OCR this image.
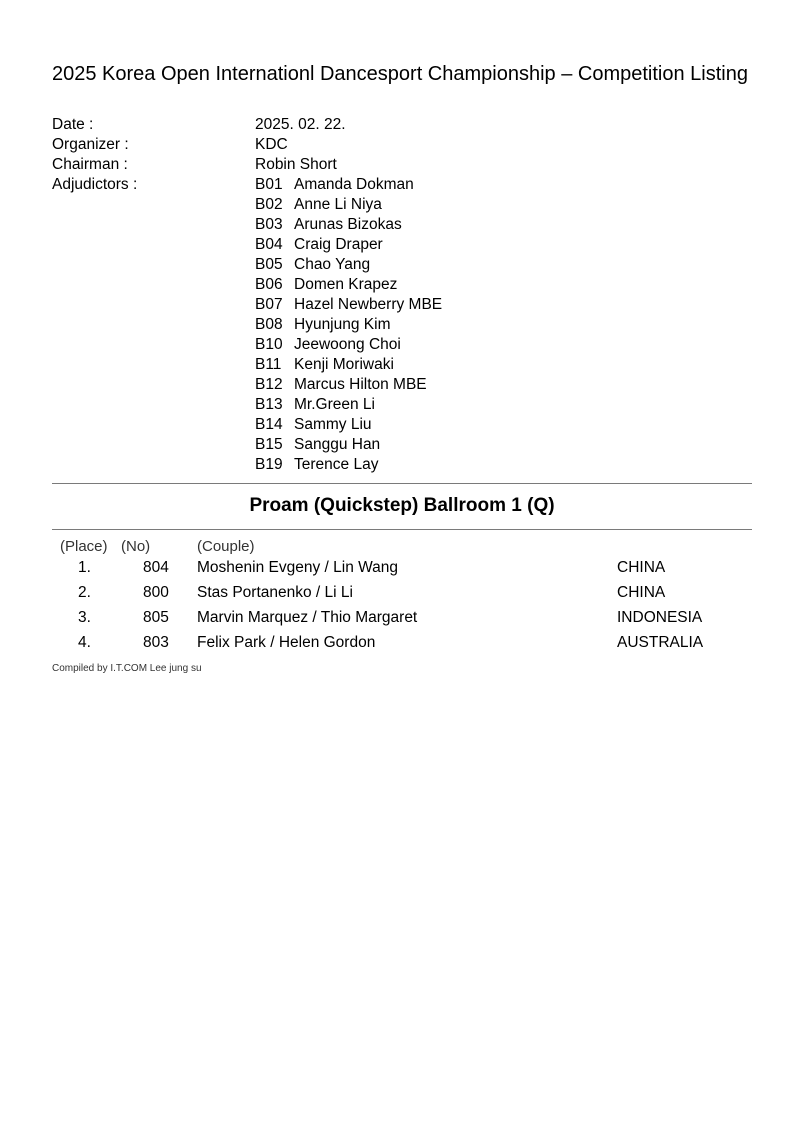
2025 Korea Open Internationl Dancesport Championship – Competition Listing
Date :	2025. 02. 22.
Organizer :	KDC
Chairman :	Robin Short
Adjudictors :	B01 Amanda Dokman
B02 Anne Li Niya
B03 Arunas Bizokas
B04 Craig Draper
B05 Chao Yang
B06 Domen Krapez
B07 Hazel Newberry MBE
B08 Hyunjung Kim
B10 Jeewoong Choi
B11 Kenji Moriwaki
B12 Marcus Hilton MBE
B13 Mr.Green Li
B14 Sammy Liu
B15 Sanggu Han
B19 Terence Lay
Proam (Quickstep) Ballroom 1 (Q)
(Place) (No)	(Couple)
1.	804 Moshenin Evgeny / Lin Wang	CHINA
2.	800 Stas Portanenko / Li Li	CHINA
3.	805 Marvin Marquez / Thio Margaret	INDONESIA
4.	803 Felix Park / Helen Gordon	AUSTRALIA
Compiled by I.T.COM Lee jung su
